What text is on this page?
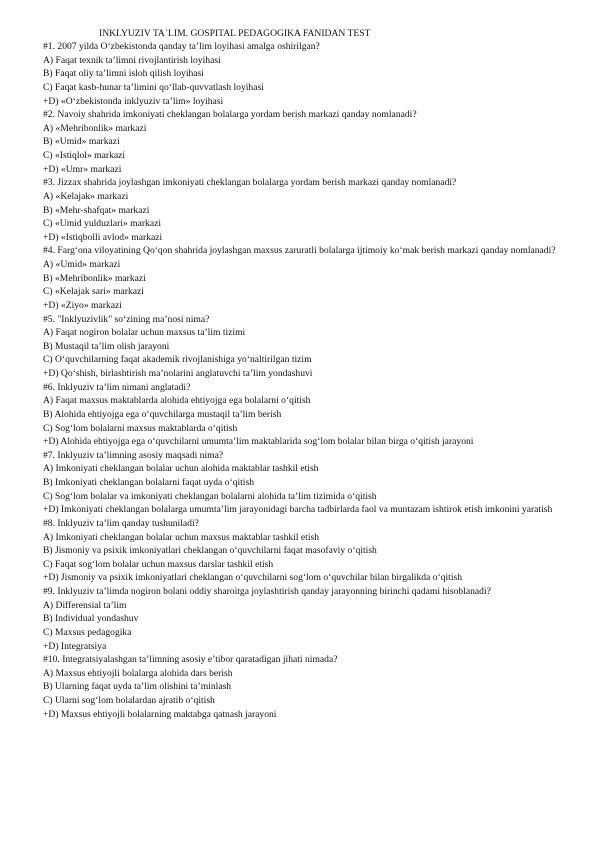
INKLYUZIV TA`LIM. GOSPITAL PEDAGOGIKA FANIDAN TEST
#1. 2007 yilda O‘zbekistonda qanday ta’lim loyihasi amalga oshirilgan?
A) Faqat texnik ta’limni rivojlantirish loyihasi
B) Faqat oliy ta’limni isloh qilish loyihasi
C) Faqat kasb-hunar ta’limini qo‘llab-quvvatlash loyihasi
+D) «O‘zbekistonda inklyuziv ta’lim» loyihasi
#2. Navoiy shahrida imkoniyati cheklangan bolalarga yordam berish markazi qanday nomlanadi?
A) «Mehribonlik» markazi
B) «Umid» markazi
C) «Istiqlol» markazi
+D) «Umr» markazi
#3. Jizzax shahrida joylashgan imkoniyati cheklangan bolalarga yordam berish markazi qanday nomlanadi?
A) «Kelajak» markazi
B) «Mehr-shafqat» markazi
C) «Umid yulduzlari» markazi
+D) «Istiqbolli avlod» markazi
#4. Farg‘ona viloyatining Qo‘qon shahrida joylashgan maxsus zaruratli bolalarga ijtimoiy ko‘mak berish markazi qanday nomlanadi?
A) «Umid» markazi
B) «Mehribonlik» markazi
C) «Kelajak sari» markazi
+D) «Ziyo» markazi
#5. "Inklyuzivlik" so‘zining ma’nosi nima?
A) Faqat nogiron bolalar uchun maxsus ta’lim tizimi
B) Mustaqil ta’lim olish jarayoni
C) O‘quvchilarning faqat akademik rivojlanishiga yo‘naltirilgan tizim
+D) Qo‘shish, birlashtirish ma’nolarini anglatuvchi ta’lim yondashuvi
#6. Inklyuziv ta’lim nimani anglatadi?
A) Faqat maxsus maktablarda alohida ehtiyojga ega bolalarni o‘qitish
B) Alohida ehtiyojga ega o‘quvchilarga mustaqil ta’lim berish
C) Sog‘lom bolalarni maxsus maktablarda o‘qitish
+D) Alohida ehtiyojga ega o‘quvchilarni umumta’lim maktablarida sog‘lom bolalar bilan birga o‘qitish jarayoni
#7. Inklyuziv ta’limning asosiy maqsadi nima?
A) Imkoniyati cheklangan bolalar uchun alohida maktablar tashkil etish
B) Imkoniyati cheklangan bolalarni faqat uyda o‘qitish
C) Sog‘lom bolalar va imkoniyati cheklangan bolalarni alohida ta’lim tizimida o‘qitish
+D) Imkoniyati cheklangan bolalarga umumta’lim jarayonidagi barcha tadbirlarda faol va muntazam ishtirok etish imkonini yaratish
#8. Inklyuziv ta’lim qanday tushuniladi?
A) Imkoniyati cheklangan bolalar uchun maxsus maktablar tashkil etish
B) Jismoniy va psixik imkoniyatlari cheklangan o‘quvchilarni faqat masofaviy o‘qitish
C) Faqat sog‘lom bolalar uchun maxsus darslar tashkil etish
+D) Jismoniy va psixik imkoniyatlari cheklangan o‘quvchilarni sog‘lom o‘quvchilar bilan birgalikda o‘qitish
#9. Inklyuziv ta’limda nogiron bolani oddiy sharoitga joylashtirish qanday jarayonning birinchi qadami hisoblanadi?
A) Differensial ta’lim
B) Individual yondashuv
C) Maxsus pedagogika
+D) Integratsiya
#10. Integratsiyalashgan ta’limning asosiy e’tibor qaratadigan jihati nimada?
A) Maxsus ehtiyojli bolalarga alohida dars berish
B) Ularning faqat uyda ta’lim olishini ta’minlash
C) Ularni sog‘lom bolalardan ajratib o‘qitish
+D) Maxsus ehtiyojli bolalarning maktabga qatnash jarayoni
